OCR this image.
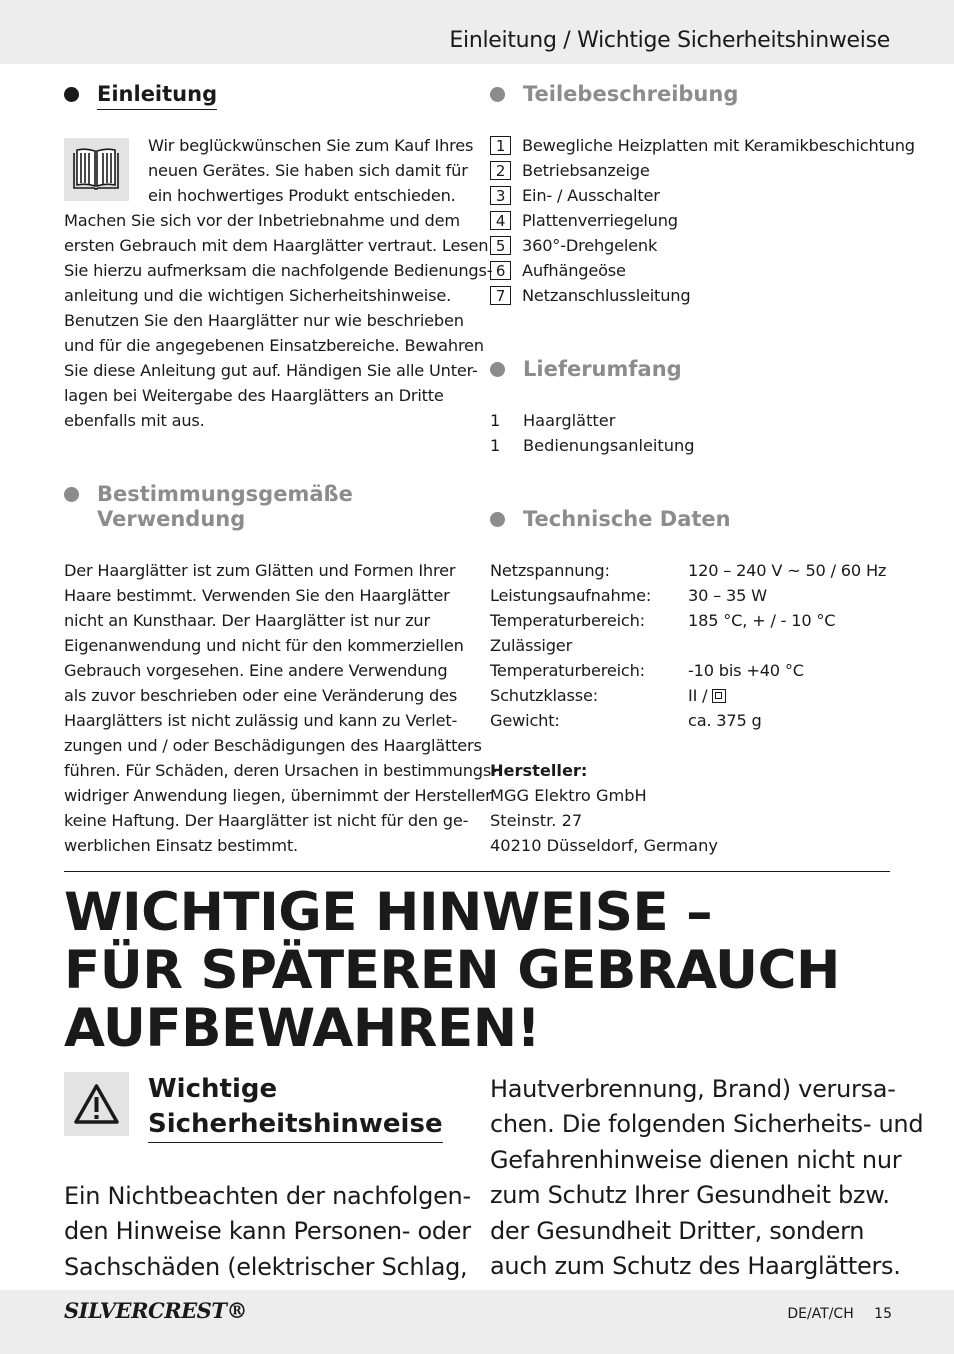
Einleitung / Wichtige Sicherheitshinweise
Einleitung
Wir beglückwünschen Sie zum Kauf Ihres
neuen Gerätes. Sie haben sich damit für
ein hochwertiges Produkt entschieden.
Machen Sie sich vor der Inbetriebnahme und dem
ersten Gebrauch mit dem Haarglätter vertraut. Lesen
Sie hierzu aufmerksam die nachfolgende Bedienungs-
anleitung und die wichtigen Sicherheitshinweise.
Benutzen Sie den Haarglätter nur wie beschrieben
und für die angegebenen Einsatzbereiche. Bewahren
Sie diese Anleitung gut auf. Händigen Sie alle Unter-
lagen bei Weitergabe des Haarglätters an Dritte
ebenfalls mit aus.
Bestimmungsgemäße
Verwendung
Der Haarglätter ist zum Glätten und Formen Ihrer
Haare bestimmt. Verwenden Sie den Haarglätter
nicht an Kunsthaar. Der Haarglätter ist nur zur
Eigenanwendung und nicht für den kommerziellen
Gebrauch vorgesehen. Eine andere Verwendung
als zuvor beschrieben oder eine Veränderung des
Haarglätters ist nicht zulässig und kann zu Verlet-
zungen und / oder Beschädigungen des Haarglätters
führen. Für Schäden, deren Ursachen in bestimmungs-
widriger Anwendung liegen, übernimmt der Hersteller
keine Haftung. Der Haarglätter ist nicht für den ge-
werblichen Einsatz bestimmt.
Teilebeschreibung
1	Bewegliche Heizplatten mit Keramikbeschichtung
2	Betriebsanzeige
3	Ein- / Ausschalter
4	Plattenverriegelung
5	360°-Drehgelenk
6	Aufhängeöse
7	Netzanschlussleitung
Lieferumfang
1	Haarglätter
1	Bedienungsanleitung
Technische Daten
Netzspannung:	120 – 240 V ~ 50 / 60 Hz
Leistungsaufnahme: 30 – 35 W
Temperaturbereich:	185 °C, + / - 10 °C
Zulässiger
Temperaturbereich:	-10 bis +40 °C
Schutzklasse:	II /
Gewicht:	ca. 375 g
Hersteller:
MGG Elektro GmbH
Steinstr. 27
40210 Düsseldorf, Germany
WICHTIGE HINWEISE –
FÜR SPÄTEREN GEBRAUCH
AUFBEWAHREN!
Wichtige
Sicherheitshinweise
Ein Nichtbeachten der nachfolgen-
den Hinweise kann Personen- oder
Sachschäden (elektrischer Schlag,
Hautverbrennung, Brand) verursa-
chen. Die folgenden Sicherheits- und
Gefahrenhinweise dienen nicht nur
zum Schutz Ihrer Gesundheit bzw.
der Gesundheit Dritter, sondern
auch zum Schutz des Haarglätters.
SILVERCREST®	DE/AT/CH 15
